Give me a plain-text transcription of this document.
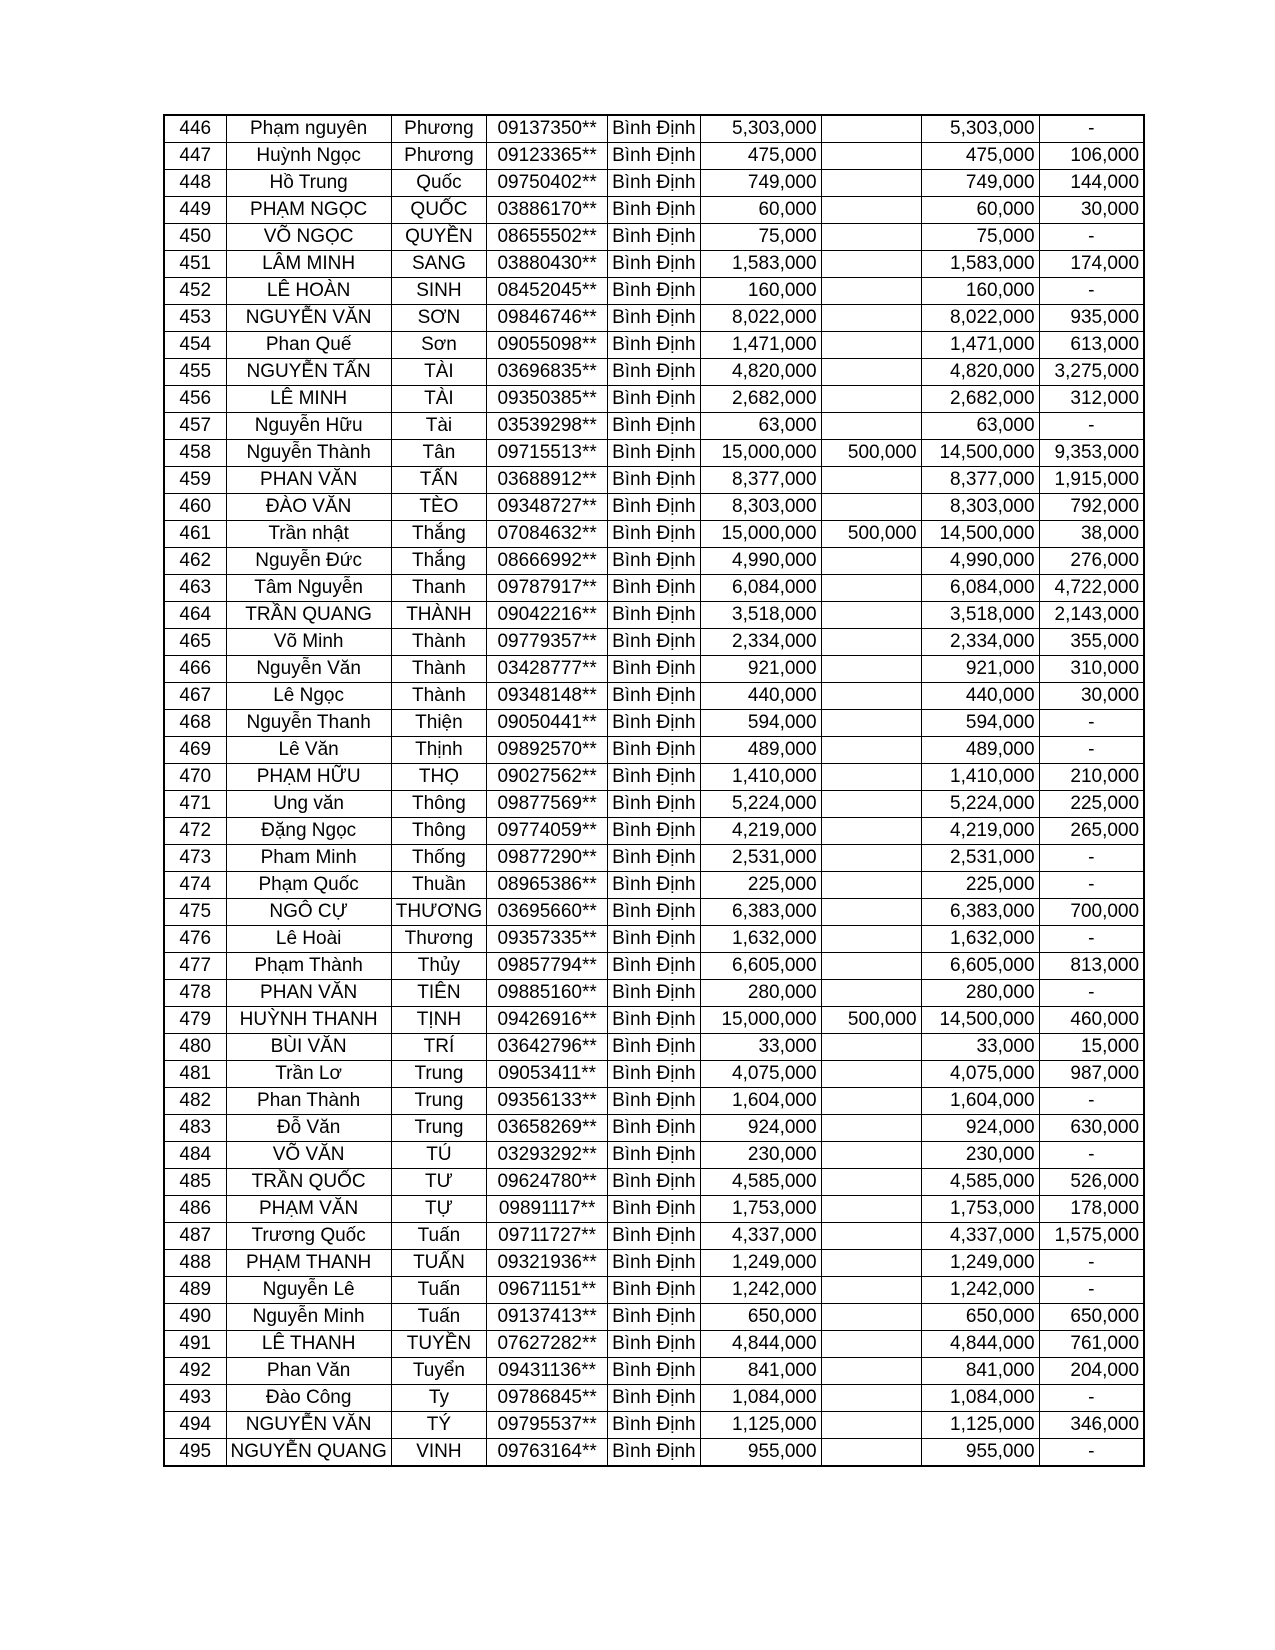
446	Phạm nguyên	Phương	09137350**	Bình Định	5,303,000		5,303,000	-
447	Huỳnh Ngọc	Phương	09123365**	Bình Định	475,000		475,000	106,000
448	Hồ Trung	Quốc	09750402**	Bình Định	749,000		749,000	144,000
449	PHẠM NGỌC	QUỐC	03886170**	Bình Định	60,000		60,000	30,000
450	VÕ NGỌC	QUYỀN	08655502**	Bình Định	75,000		75,000	-
451	LÂM MINH	SANG	03880430**	Bình Định	1,583,000		1,583,000	174,000
452	LÊ HOÀN	SINH	08452045**	Bình Định	160,000		160,000	-
453	NGUYỄN VĂN	SƠN	09846746**	Bình Định	8,022,000		8,022,000	935,000
454	Phan Quế	Sơn	09055098**	Bình Định	1,471,000		1,471,000	613,000
455	NGUYỄN TẤN	TÀI	03696835**	Bình Định	4,820,000		4,820,000	3,275,000
456	LÊ MINH	TÀI	09350385**	Bình Định	2,682,000		2,682,000	312,000
457	Nguyễn Hữu	Tài	03539298**	Bình Định	63,000		63,000	-
458	Nguyễn Thành	Tân	09715513**	Bình Định	15,000,000	500,000	14,500,000	9,353,000
459	PHAN VĂN	TẤN	03688912**	Bình Định	8,377,000		8,377,000	1,915,000
460	ĐÀO VĂN	TÈO	09348727**	Bình Định	8,303,000		8,303,000	792,000
461	Trần nhật	Thắng	07084632**	Bình Định	15,000,000	500,000	14,500,000	38,000
462	Nguyễn Đức	Thắng	08666992**	Bình Định	4,990,000		4,990,000	276,000
463	Tâm Nguyễn	Thanh	09787917**	Bình Định	6,084,000		6,084,000	4,722,000
464	TRẦN QUANG	THÀNH	09042216**	Bình Định	3,518,000		3,518,000	2,143,000
465	Võ Minh	Thành	09779357**	Bình Định	2,334,000		2,334,000	355,000
466	Nguyễn Văn	Thành	03428777**	Bình Định	921,000		921,000	310,000
467	Lê Ngọc	Thành	09348148**	Bình Định	440,000		440,000	30,000
468	Nguyễn Thanh	Thiện	09050441**	Bình Định	594,000		594,000	-
469	Lê Văn	Thịnh	09892570**	Bình Định	489,000		489,000	-
470	PHẠM HỮU	THỌ	09027562**	Bình Định	1,410,000		1,410,000	210,000
471	Ung văn	Thông	09877569**	Bình Định	5,224,000		5,224,000	225,000
472	Đặng Ngọc	Thông	09774059**	Bình Định	4,219,000		4,219,000	265,000
473	Pham Minh	Thống	09877290**	Bình Định	2,531,000		2,531,000	-
474	Phạm Quốc	Thuần	08965386**	Bình Định	225,000		225,000	-
475	NGÔ CỰ	THƯƠNG	03695660**	Bình Định	6,383,000		6,383,000	700,000
476	Lê Hoài	Thương	09357335**	Bình Định	1,632,000		1,632,000	-
477	Phạm Thành	Thủy	09857794**	Bình Định	6,605,000		6,605,000	813,000
478	PHAN VĂN	TIÊN	09885160**	Bình Định	280,000		280,000	-
479	HUỲNH THANH	TỊNH	09426916**	Bình Định	15,000,000	500,000	14,500,000	460,000
480	BÙI VĂN	TRÍ	03642796**	Bình Định	33,000		33,000	15,000
481	Trần Lơ	Trung	09053411**	Bình Định	4,075,000		4,075,000	987,000
482	Phan Thành	Trung	09356133**	Bình Định	1,604,000		1,604,000	-
483	Đỗ Văn	Trung	03658269**	Bình Định	924,000		924,000	630,000
484	VÕ VĂN	TÚ	03293292**	Bình Định	230,000		230,000	-
485	TRẦN QUỐC	TƯ	09624780**	Bình Định	4,585,000		4,585,000	526,000
486	PHẠM VĂN	TỰ	09891117**	Bình Định	1,753,000		1,753,000	178,000
487	Trương Quốc	Tuấn	09711727**	Bình Định	4,337,000		4,337,000	1,575,000
488	PHẠM THANH	TUẤN	09321936**	Bình Định	1,249,000		1,249,000	-
489	Nguyễn Lê	Tuấn	09671151**	Bình Định	1,242,000		1,242,000	-
490	Nguyễn Minh	Tuấn	09137413**	Bình Định	650,000		650,000	650,000
491	LÊ THANH	TUYỀN	07627282**	Bình Định	4,844,000		4,844,000	761,000
492	Phan Văn	Tuyển	09431136**	Bình Định	841,000		841,000	204,000
493	Đào Công	Ty	09786845**	Bình Định	1,084,000		1,084,000	-
494	NGUYỄN VĂN	TÝ	09795537**	Bình Định	1,125,000		1,125,000	346,000
495	NGUYỄN QUANG	VINH	09763164**	Bình Định	955,000		955,000	-
